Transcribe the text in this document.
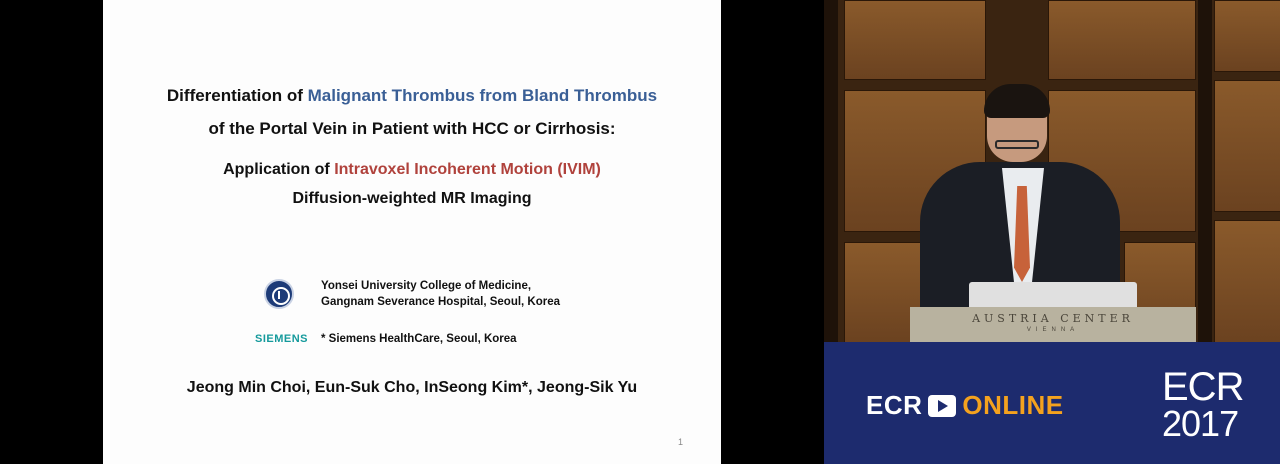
Differentiation of Malignant Thrombus from Bland Thrombus
of the Portal Vein in Patient with HCC or Cirrhosis:
Application of Intravoxel Incoherent Motion (IVIM)
Diffusion-weighted MR Imaging
Yonsei University College of Medicine,
Gangnam Severance Hospital, Seoul, Korea
SIEMENS * Siemens HealthCare, Seoul, Korea
Jeong Min Choi, Eun-Suk Cho, InSeong Kim*, Jeong-Sik Yu
1
AUSTRIA CENTER
VIENNA
ECR ONLINE ECR
2017
